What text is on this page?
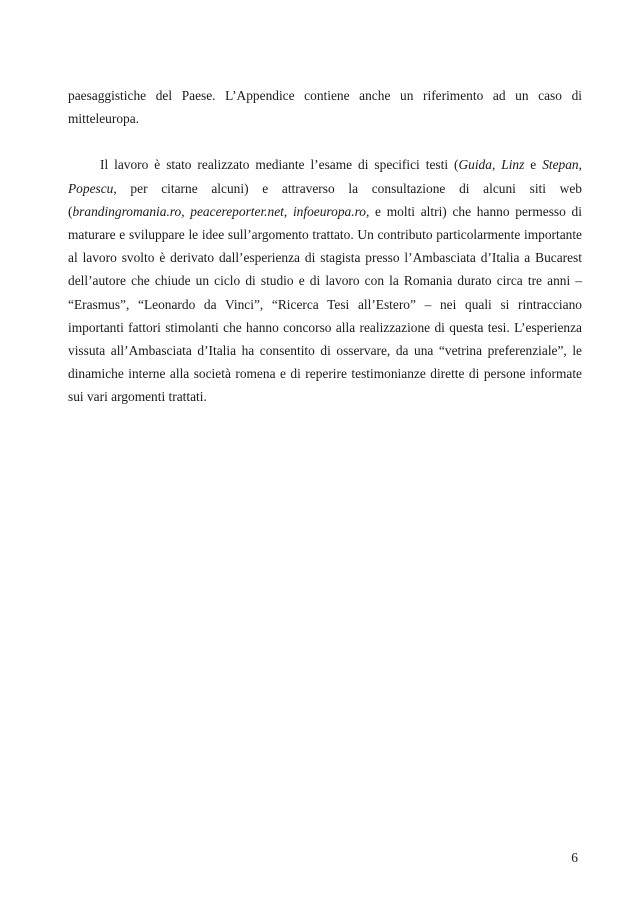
paesaggistiche del Paese. L’Appendice contiene anche un riferimento ad un caso di mitteleuropa.

Il lavoro è stato realizzato mediante l’esame di specifici testi (Guida, Linz e Stepan, Popescu, per citarne alcuni) e attraverso la consultazione di alcuni siti web (brandingromania.ro, peacereporter.net, infoeuropa.ro, e molti altri) che hanno permesso di maturare e sviluppare le idee sull’argomento trattato. Un contributo particolarmente importante al lavoro svolto è derivato dall’esperienza di stagista presso l’Ambasciata d’Italia a Bucarest dell’autore che chiude un ciclo di studio e di lavoro con la Romania durato circa tre anni – “Erasmus”, “Leonardo da Vinci”, “Ricerca Tesi all’Estero” – nei quali si rintracciano importanti fattori stimolanti che hanno concorso alla realizzazione di questa tesi. L’esperienza vissuta all’Ambasciata d’Italia ha consentito di osservare, da una “vetrina preferenziale”, le dinamiche interne alla società romena e di reperire testimonianze dirette di persone informate sui vari argomenti trattati.

6
